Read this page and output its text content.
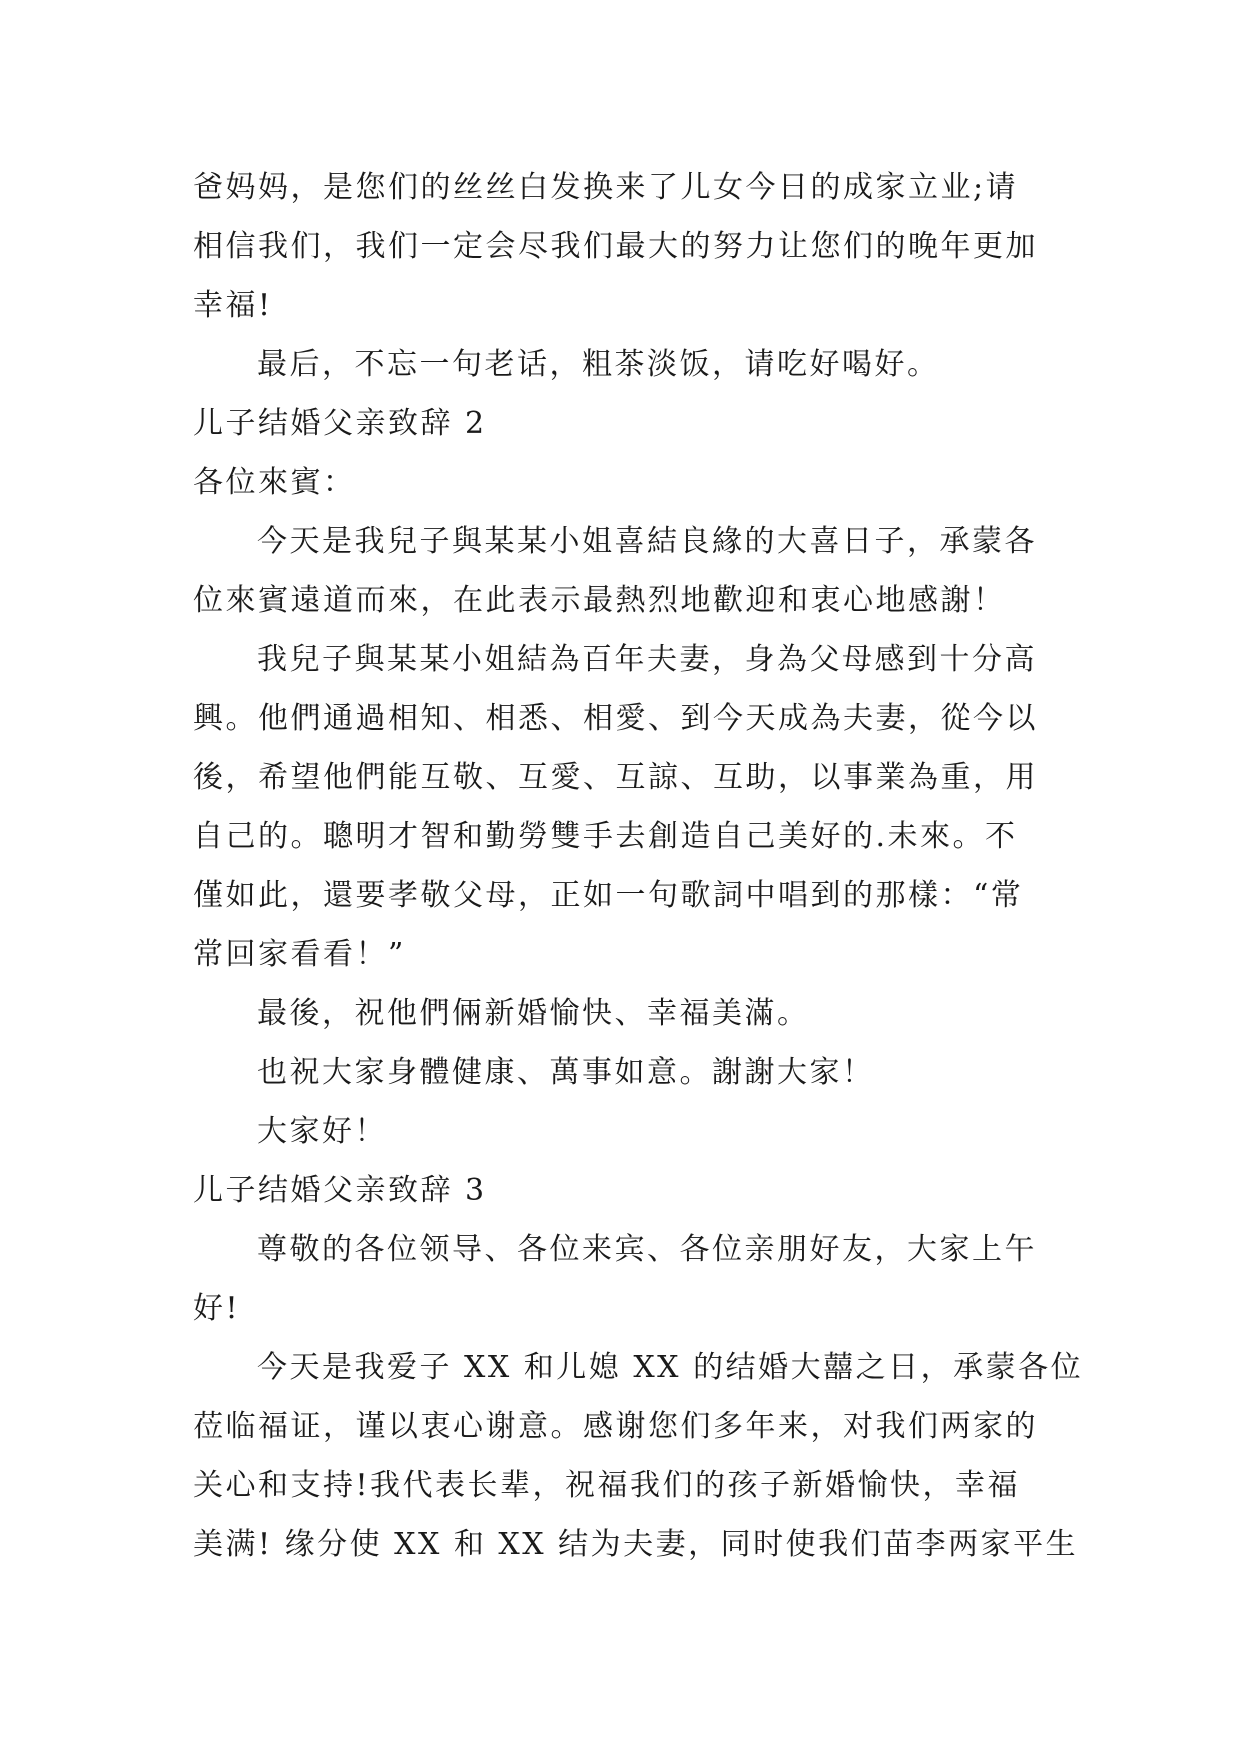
爸妈妈，是您们的丝丝白发换来了儿女今日的成家立业;请
相信我们，我们一定会尽我们最大的努力让您们的晚年更加
幸福!
最后，不忘一句老话，粗茶淡饭，请吃好喝好。
儿子结婚父亲致辞 2
各位來賓：
今天是我兒子與某某小姐喜結良緣的大喜日子，承蒙各
位來賓遠道而來，在此表示最熱烈地歡迎和衷心地感謝！
我兒子與某某小姐結為百年夫妻，身為父母感到十分高
興。他們通過相知、相悉、相愛、到今天成為夫妻，從今以
後，希望他們能互敬、互愛、互諒、互助，以事業為重，用
自己的。聰明才智和勤勞雙手去創造自己美好的.未來。不
僅如此，還要孝敬父母，正如一句歌詞中唱到的那樣：“常
常回家看看！”
最後，祝他們倆新婚愉快、幸福美滿。
也祝大家身體健康、萬事如意。謝謝大家！
大家好！
儿子结婚父亲致辞 3
尊敬的各位领导、各位来宾、各位亲朋好友，大家上午
好!
今天是我爱子 XX 和儿媳 XX 的结婚大囍之日，承蒙各位
莅临福证，谨以衷心谢意。感谢您们多年来，对我们两家的
关心和支持!我代表长辈，祝福我们的孩子新婚愉快，幸福
美满! 缘分使 XX 和 XX 结为夫妻，同时使我们苗李两家平生
